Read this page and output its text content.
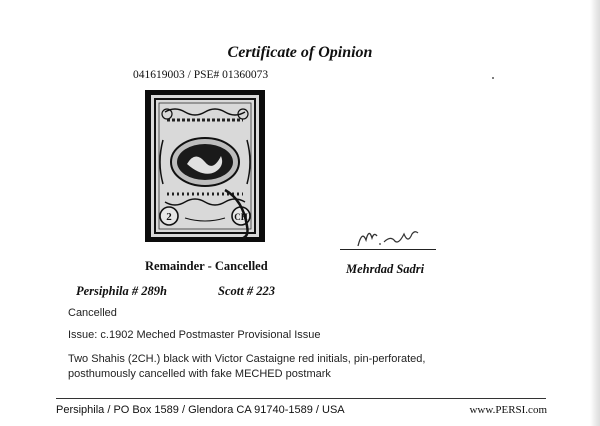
Certificate of Opinion
041619003 / PSE# 01360073
2	CH
Remainder - Cancelled	Mehrdad Sadri
Persiphila # 289h	Scott # 223
Cancelled
Issue: c.1902 Meched Postmaster Provisional Issue
Two Shahis (2CH.) black with Victor Castaigne red initials, pin-perforated,
posthumously cancelled with fake MECHED postmark
Persiphila / PO Box 1589 / Glendora CA 91740-1589 / USA	www.PERSI.com
